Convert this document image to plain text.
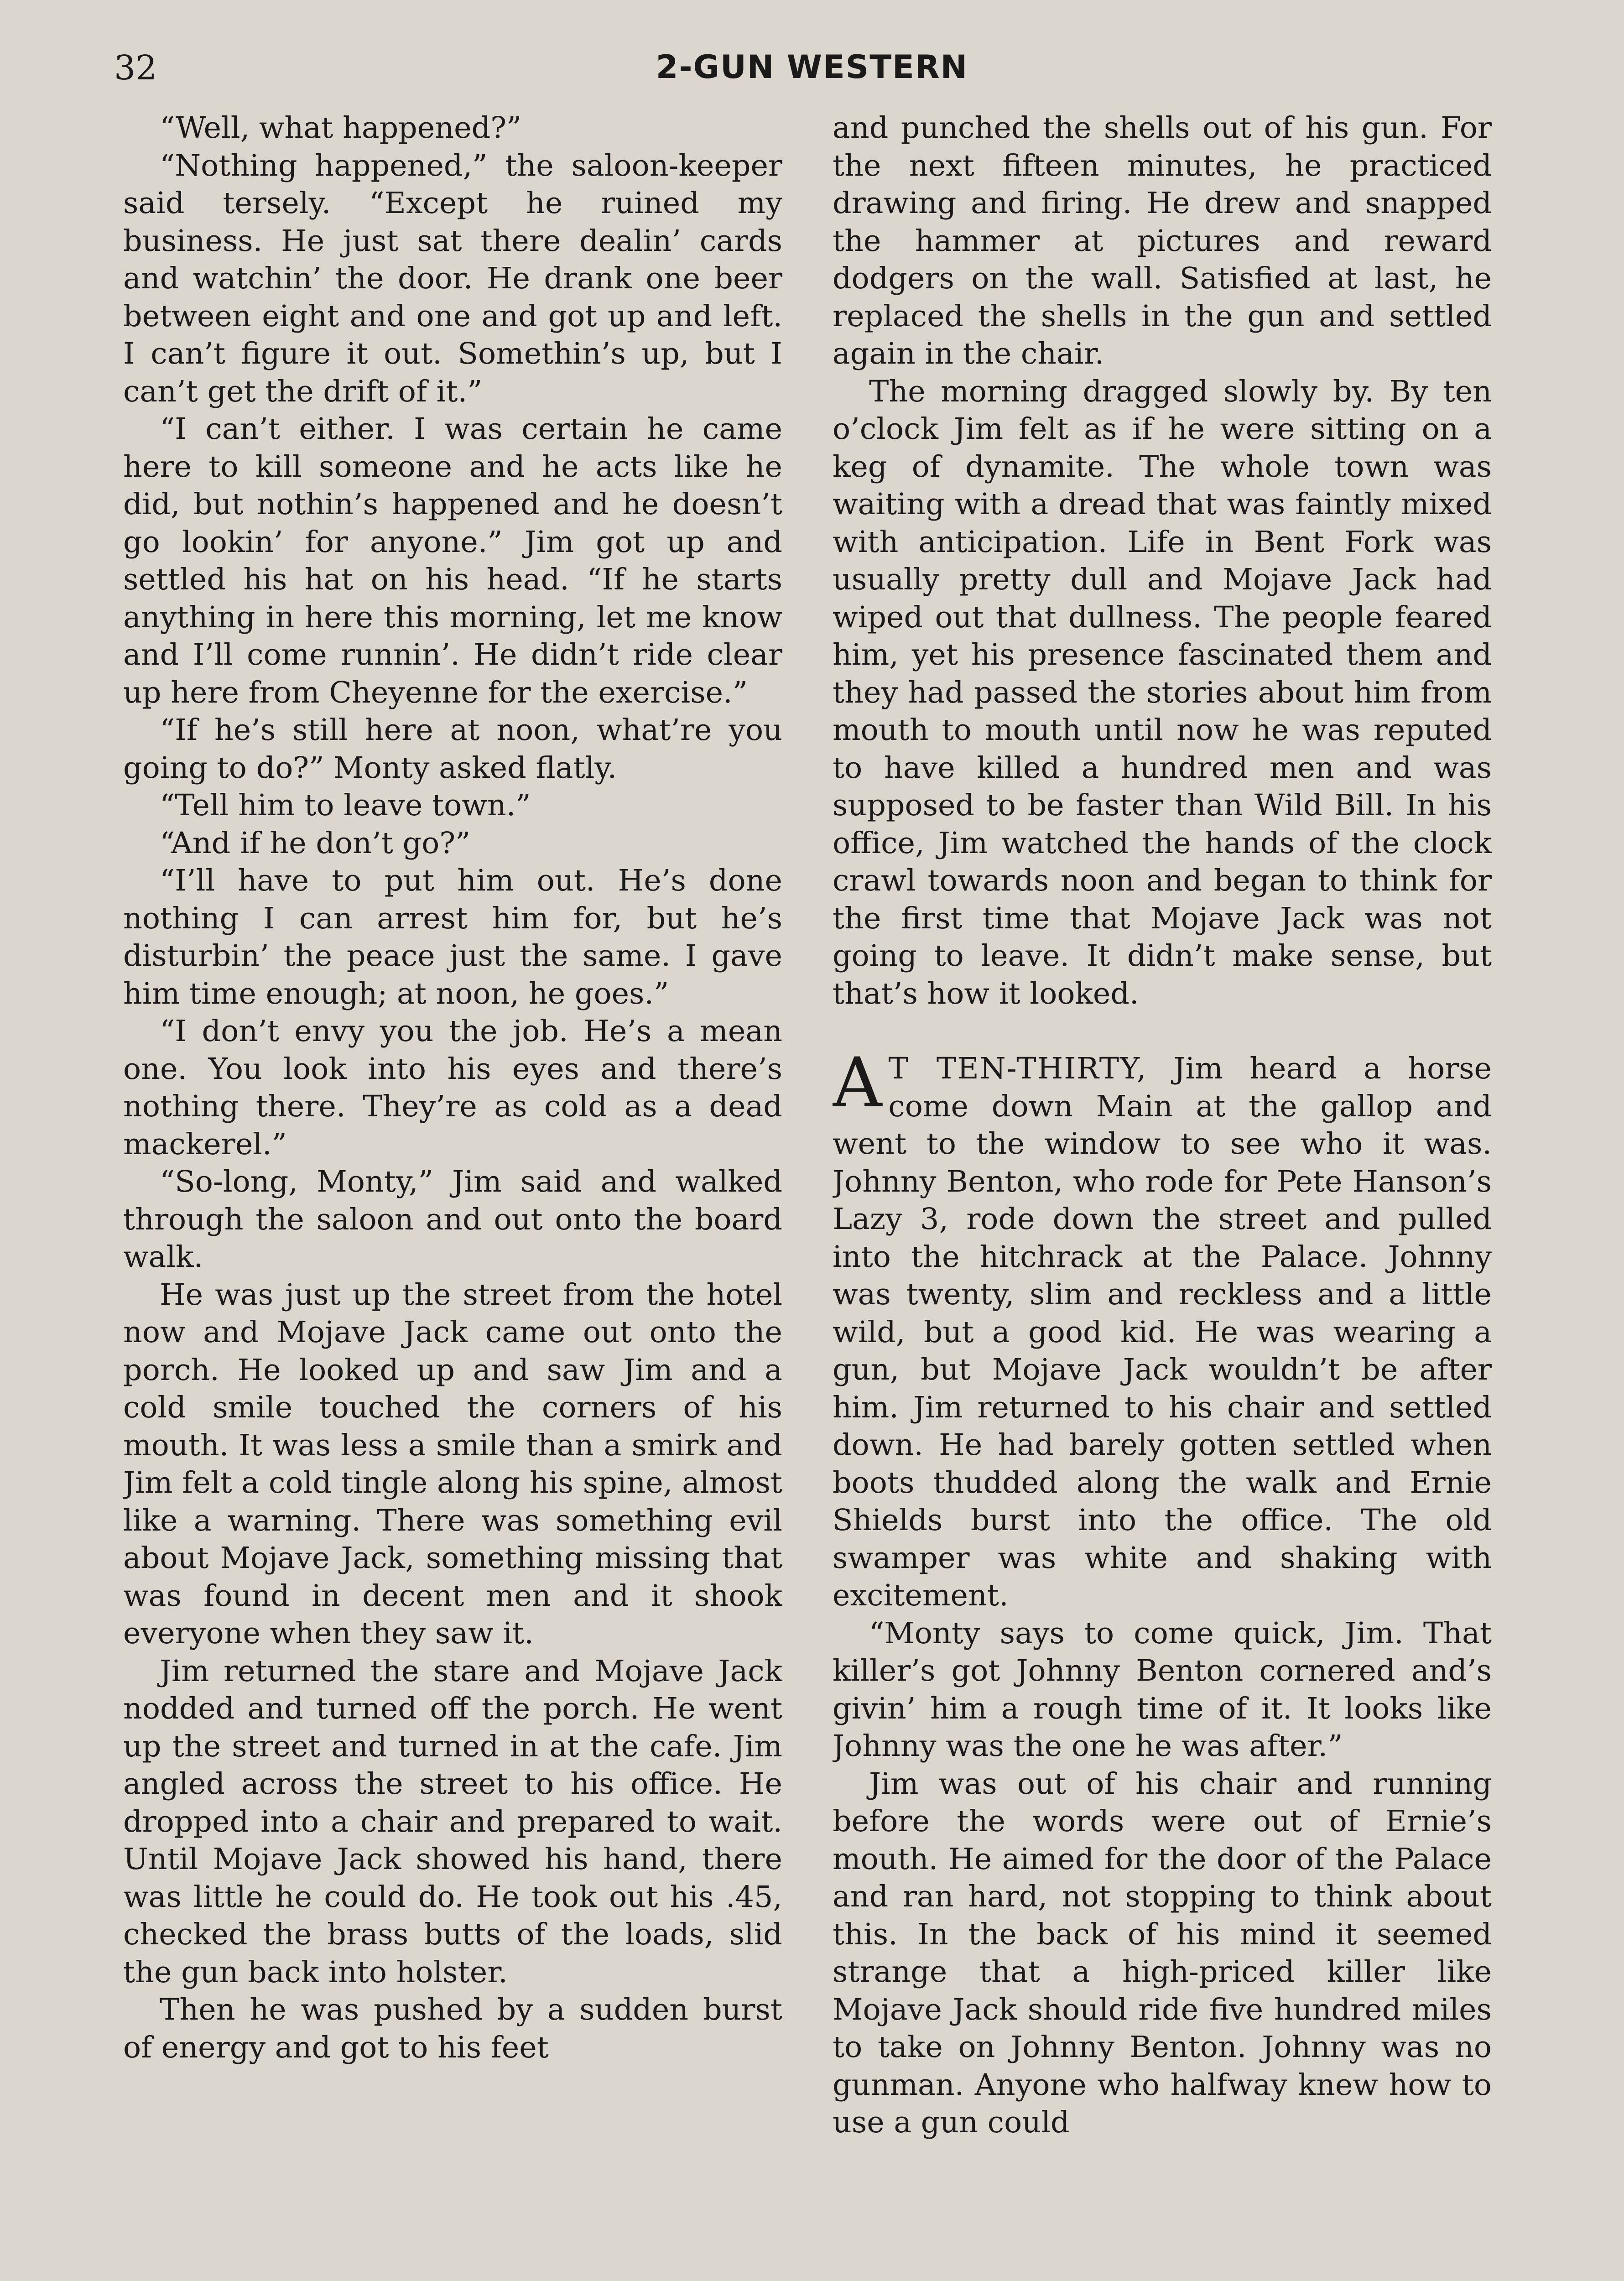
32	2-GUN WESTERN

“Well, what happened?”

“Nothing happened,” the saloon-keeper said tersely. “Except he ruined my business. He just sat there dealin’ cards and watchin’ the door. He drank one beer between eight and one and got up and left. I can’t figure it out. Somethin’s up, but I can’t get the drift of it.”

“I can’t either. I was certain he came here to kill someone and he acts like he did, but nothin’s happened and he doesn’t go lookin’ for anyone.” Jim got up and settled his hat on his head. “If he starts anything in here this morning, let me know and I’ll come runnin’. He didn’t ride clear up here from Cheyenne for the exercise.”

“If he’s still here at noon, what’re you going to do?” Monty asked flatly.

“Tell him to leave town.”

“And if he don’t go?”

“I’ll have to put him out. He’s done nothing I can arrest him for, but he’s disturbin’ the peace just the same. I gave him time enough; at noon, he goes.”

“I don’t envy you the job. He’s a mean one. You look into his eyes and there’s nothing there. They’re as cold as a dead mackerel.”

“So-long, Monty,” Jim said and walked through the saloon and out onto the board walk.

He was just up the street from the hotel now and Mojave Jack came out onto the porch. He looked up and saw Jim and a cold smile touched the corners of his mouth. It was less a smile than a smirk and Jim felt a cold tingle along his spine, almost like a warning. There was something evil about Mojave Jack, something missing that was found in decent men and it shook everyone when they saw it.

Jim returned the stare and Mojave Jack nodded and turned off the porch. He went up the street and turned in at the cafe. Jim angled across the street to his office. He dropped into a chair and prepared to wait. Until Mojave Jack showed his hand, there was little he could do. He took out his .45, checked the brass butts of the loads, slid the gun back into holster.

Then he was pushed by a sudden burst of energy and got to his feet

and punched the shells out of his gun. For the next fifteen minutes, he practiced drawing and firing. He drew and snapped the hammer at pictures and reward dodgers on the wall. Satisfied at last, he replaced the shells in the gun and settled again in the chair.

The morning dragged slowly by. By ten o’clock Jim felt as if he were sitting on a keg of dynamite. The whole town was waiting with a dread that was faintly mixed with anticipation. Life in Bent Fork was usually pretty dull and Mojave Jack had wiped out that dullness. The people feared him, yet his presence fascinated them and they had passed the stories about him from mouth to mouth until now he was reputed to have killed a hundred men and was supposed to be faster than Wild Bill. In his office, Jim watched the hands of the clock crawl towards noon and began to think for the first time that Mojave Jack was not going to leave. It didn’t make sense, but that’s how it looked.

A T TEN-THIRTY, Jim heard a horse come down Main at the gallop and went to the window to see who it was. Johnny Benton, who rode for Pete Hanson’s Lazy 3, rode down the street and pulled into the hitchrack at the Palace. Johnny was twenty, slim and reckless and a little wild, but a good kid. He was wearing a gun, but Mojave Jack wouldn’t be after him. Jim returned to his chair and settled down. He had barely gotten settled when boots thudded along the walk and Ernie Shields burst into the office. The old swamper was white and shaking with excitement.

“Monty says to come quick, Jim. That killer’s got Johnny Benton cornered and’s givin’ him a rough time of it. It looks like Johnny was the one he was after.”

Jim was out of his chair and running before the words were out of Ernie’s mouth. He aimed for the door of the Palace and ran hard, not stopping to think about this. In the back of his mind it seemed strange that a high-priced killer like Mojave Jack should ride five hundred miles to take on Johnny Benton. Johnny was no gunman. Anyone who halfway knew how to use a gun could
